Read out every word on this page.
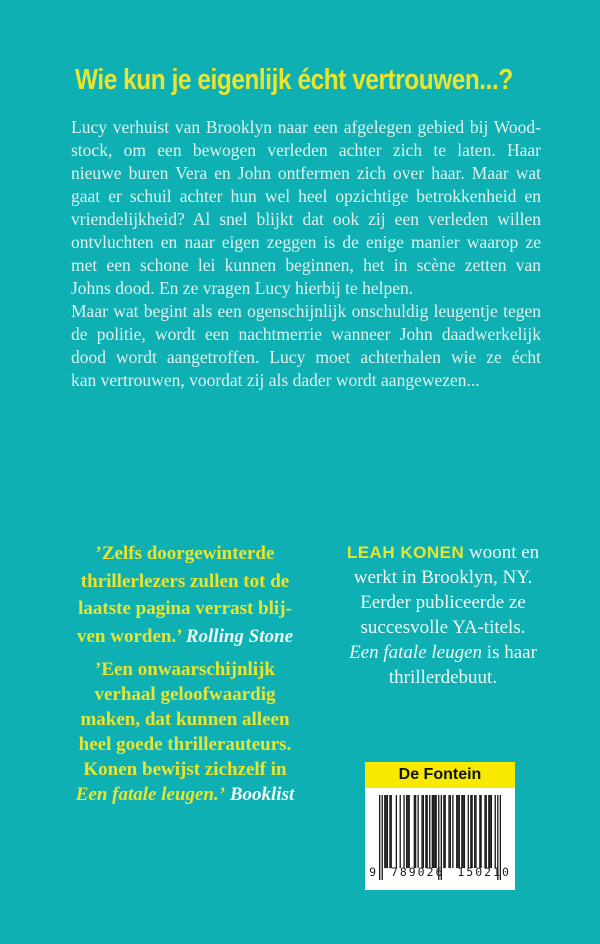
Wie kun je eigenlijk écht vertrouwen...?
Lucy verhuist van Brooklyn naar een afgelegen gebied bij Wood-
stock, om een bewogen verleden achter zich te laten. Haar
nieuwe buren Vera en John ontfermen zich over haar. Maar wat
gaat er schuil achter hun wel heel opzichtige betrokkenheid en
vriendelijkheid? Al snel blijkt dat ook zij een verleden willen
ontvluchten en naar eigen zeggen is de enige manier waarop ze
met een schone lei kunnen beginnen, het in scène zetten van
Johns dood. En ze vragen Lucy hierbij te helpen.
Maar wat begint als een ogenschijnlijk onschuldig leugentje tegen
de politie, wordt een nachtmerrie wanneer John daadwerkelijk
dood wordt aangetroffen. Lucy moet achterhalen wie ze écht
kan vertrouwen, voordat zij als dader wordt aangewezen...
’Zelfs doorgewinterde
thrillerlezers zullen tot de
laatste pagina verrast blij-
ven worden.’ Rolling Stone
’Een onwaarschijnlijk
verhaal geloofwaardig
maken, dat kunnen alleen
heel goede thrillerauteurs.
Konen bewijst zichzelf in
Een fatale leugen.’ Booklist
LEAH KONEN woont en
werkt in Brooklyn, NY.
Eerder publiceerde ze
succesvolle YA-titels.
Een fatale leugen is haar
thrillerdebuut.
De Fontein
9 789026 150210
